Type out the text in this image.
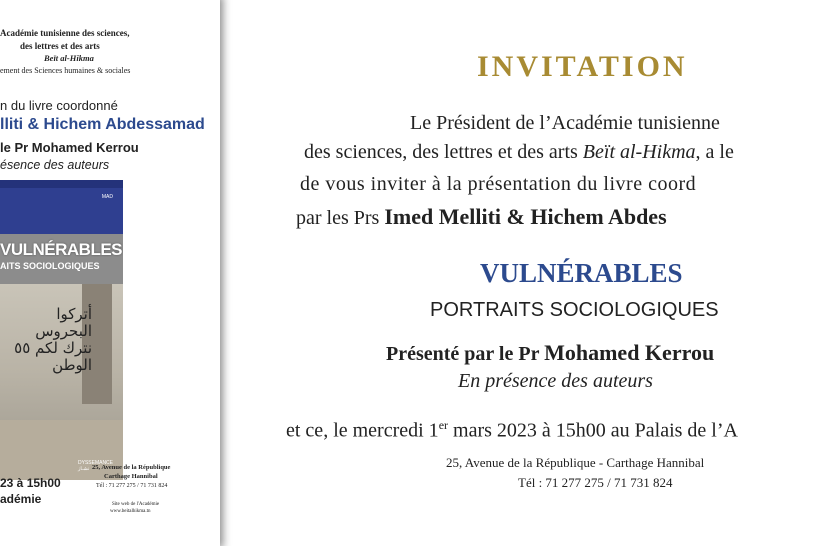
Académie tunisienne des sciences,
des lettres et des arts
Beït al-Hikma
ement des Sciences humaines & sociales
n du livre coordonné
lliti & Hichem Abdessamad
le Pr Mohamed Kerrou
ésence des auteurs
MAD
VULNÉRABLES
AITS SOCIOLOGIQUES
أتركوا البحروس نترك لكم ٥٥ الوطن
DYSSEMANCE نشـاز
23 à 15h00
adémie
25, Avenue de la République
Carthage Hannibal
Tél : 71 277 275 / 71 731 824
Site web de l'Académie
www.beitalhikma.tn
INVITATION
Le Président de l’Académie tunisienne
des sciences, des lettres et des arts Beït al-Hikma, a le
de vous inviter à la présentation du livre coord
par les Prs Imed Melliti & Hichem Abdes
VULNÉRABLES
PORTRAITS SOCIOLOGIQUES
Présenté par le Pr Mohamed Kerrou
En présence des auteurs
et ce, le mercredi 1er mars 2023 à 15h00 au Palais de l’A
25, Avenue de la République - Carthage Hannibal
Tél : 71 277 275 / 71 731 824
